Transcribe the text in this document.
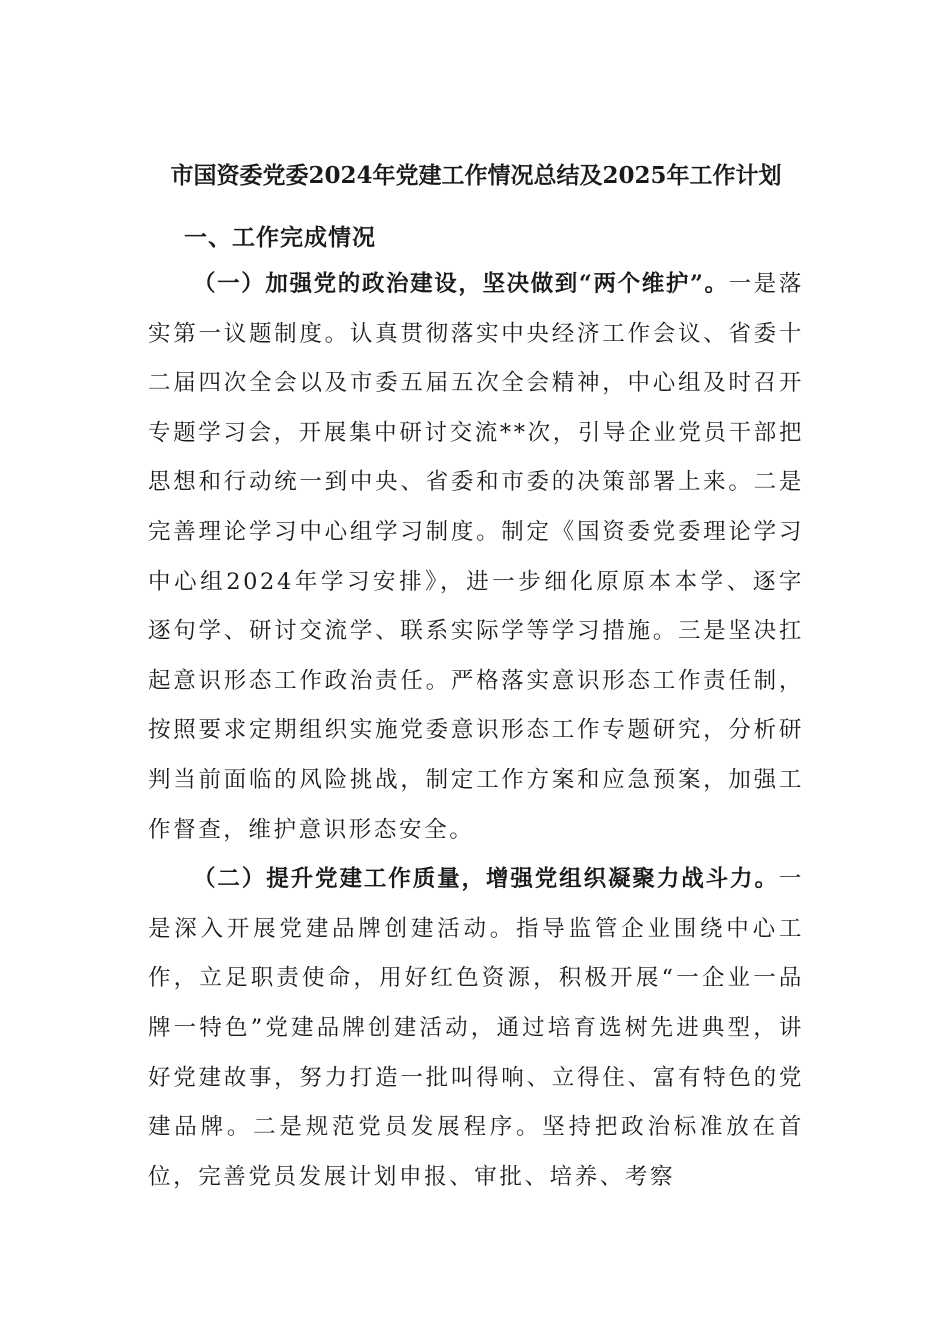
市国资委党委2024年党建工作情况总结及2025年工作计划
一、工作完成情况

（一）加强党的政治建设，坚决做到“两个维护”。一是落实第一议题制度。认真贯彻落实中央经济工作会议、省委十二届四次全会以及市委五届五次全会精神，中心组及时召开专题学习会，开展集中研讨交流**次，引导企业党员干部把思想和行动统一到中央、省委和市委的决策部署上来。二是完善理论学习中心组学习制度。制定《国资委党委理论学习中心组2024年学习安排》，进一步细化原原本本学、逐字逐句学、研讨交流学、联系实际学等学习措施。三是坚决扛起意识形态工作政治责任。严格落实意识形态工作责任制，按照要求定期组织实施党委意识形态工作专题研究，分析研判当前面临的风险挑战，制定工作方案和应急预案，加强工作督查，维护意识形态安全。

（二）提升党建工作质量，增强党组织凝聚力战斗力。一是深入开展党建品牌创建活动。指导监管企业围绕中心工作，立足职责使命，用好红色资源，积极开展“一企业一品牌一特色”党建品牌创建活动，通过培育选树先进典型，讲好党建故事，努力打造一批叫得响、立得住、富有特色的党建品牌。二是规范党员发展程序。坚持把政治标准放在首位，完善党员发展计划申报、审批、培养、考察
